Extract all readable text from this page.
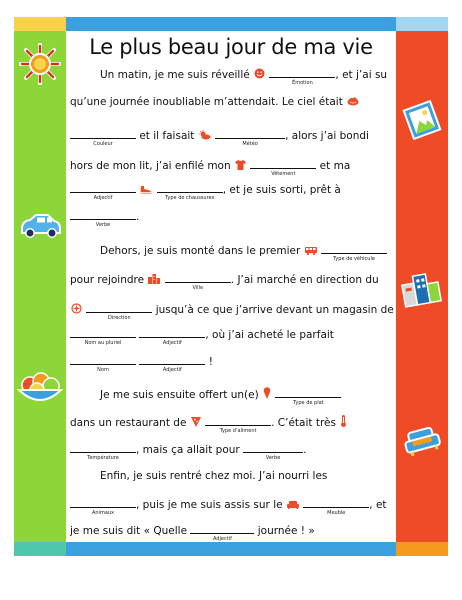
Le plus beau jour de ma vie
Un matin, je me suis réveillé
Émotion
, et j’ai su
qu’une journée inoubliable m’attendait. Le ciel était
Couleur
et il faisait
Météo
, alors j’ai bondi
hors de mon lit, j’ai enfilé mon
Vêtement
et ma
Adjectif
	Type de chaussures
, et je suis sorti, prêt à
Verbe
.
Dehors, je suis monté dans le premier
Type de véhicule
pour rejoindre
Ville
. J’ai marché en direction du

Direction
jusqu’à ce que j’arrive devant un magasin de
Nom au pluriel
	Adjectif
, où j’ai acheté le parfait
Nom
	Adjectif
!
Je me suis ensuite offert un(e)
Type de plat
dans un restaurant de
Type d’aliment
. C’était très
Température
, mais ça allait pour
Verbe
.
Enfin, je suis rentré chez moi. J’ai nourri les
Animaux
, puis je me suis assis sur le
Meuble
, et
je me suis dit « Quelle
Adjectif
journée ! »
